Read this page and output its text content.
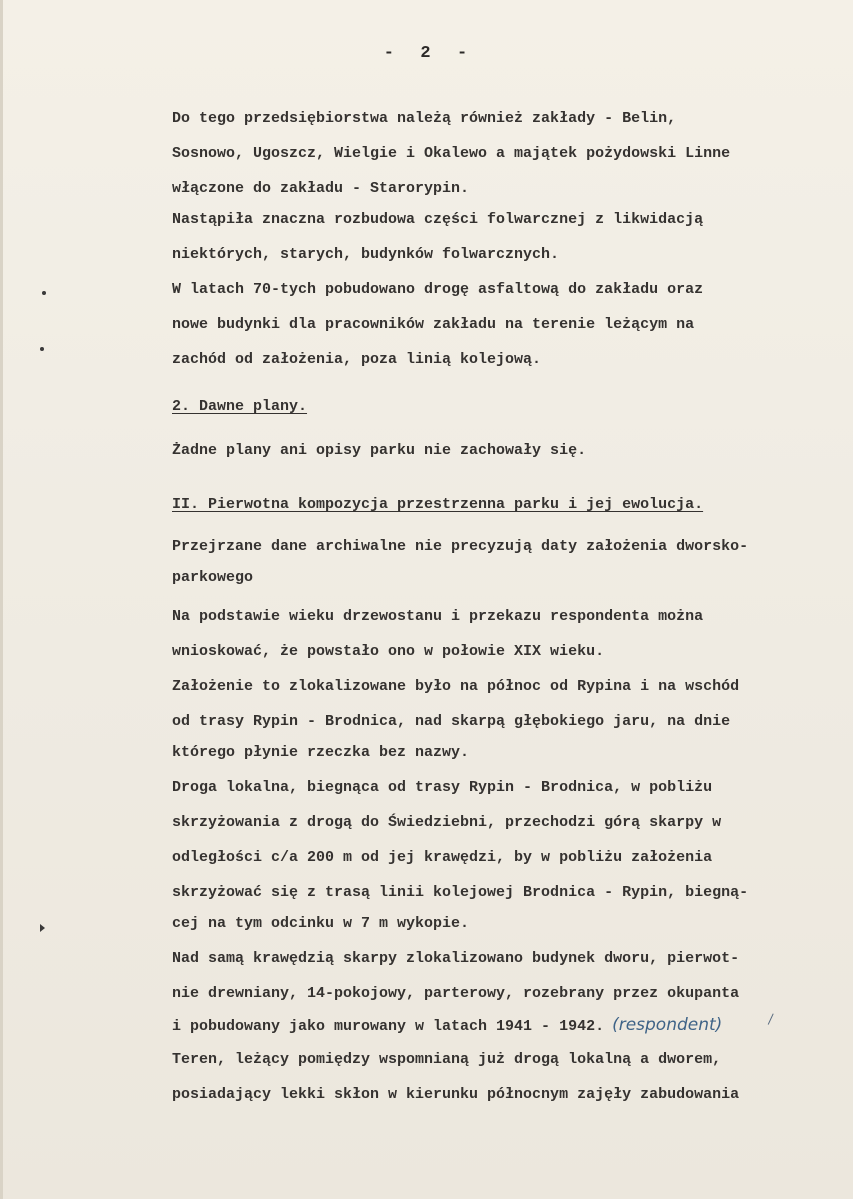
-  2  -
Do tego przedsiębiorstwa należą również zakłady - Belin,
Sosnowo, Ugoszcz, Wielgie i Okalewo a majątek pożydowski Linne
włączone do zakładu - Starorypin.
Nastąpiła znaczna rozbudowa części folwarcznej z likwidacją
niektórych, starych, budynków folwarcznych.
W latach 70-tych pobudowano drogę asfaltową do zakładu oraz
nowe budynki dla pracowników zakładu na terenie leżącym na
zachód od założenia, poza linią kolejową.
2. Dawne plany.
Żadne plany ani opisy parku nie zachowały się.
II. Pierwotna kompozycja przestrzenna parku i jej ewolucja.
Przejrzane dane archiwalne nie precyzują daty założenia dworsko-
parkowego
Na podstawie wieku drzewostanu i przekazu respondenta można
wnioskować, że powstało ono w połowie XIX wieku.
Założenie to zlokalizowane było na północ od Rypina i na wschód
od trasy Rypin - Brodnica, nad skarpą głębokiego jaru, na dnie
którego płynie rzeczka bez nazwy.
Droga lokalna, biegnąca od trasy Rypin - Brodnica, w pobliżu
skrzyżowania z drogą do Świedziebni, przechodzi górą skarpy w
odległości c/a 200 m od jej krawędzi, by w pobliżu założenia
skrzyżować się z trasą linii kolejowej Brodnica - Rypin, biegną-
cej na tym odcinku w 7 m wykopie.
Nad samą krawędzią skarpy zlokalizowano budynek dworu, pierwot-
nie drewniany, 14-pokojowy, parterowy, rozebrany przez okupanta
i pobudowany jako murowany w latach 1941 - 1942. (respondent)
Teren, leżący pomiędzy wspomnianą już drogą lokalną a dworem,
posiadający lekki skłon w kierunku północnym zajęły zabudowania
